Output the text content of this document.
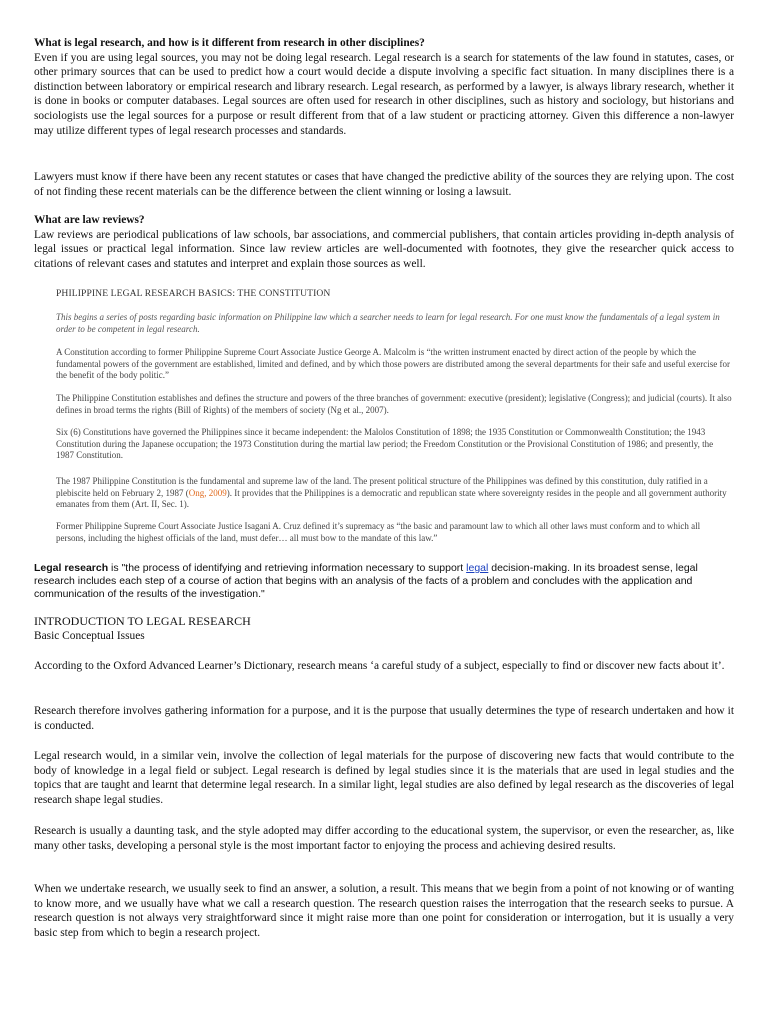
What is legal research, and how is it different from research in other disciplines?

Even if you are using legal sources, you may not be doing legal research. Legal research is a search for statements of the law found in statutes, cases, or other primary sources that can be used to predict how a court would decide a dispute involving a specific fact situation. In many disciplines there is a distinction between laboratory or empirical research and library research. Legal research, as performed by a lawyer, is always library research, whether it is done in books or computer databases. Legal sources are often used for research in other disciplines, such as history and sociology, but historians and sociologists use the legal sources for a purpose or result different from that of a law student or practicing attorney. Given this difference a non-lawyer may utilize different types of legal research processes and standards.

Lawyers must know if there have been any recent statutes or cases that have changed the predictive ability of the sources they are relying upon. The cost of not finding these recent materials can be the difference between the client winning or losing a lawsuit.

What are law reviews?

Law reviews are periodical publications of law schools, bar associations, and commercial publishers, that contain articles providing in-depth analysis of legal issues or practical legal information. Since law review articles are well-documented with footnotes, they give the researcher quick access to citations of relevant cases and statutes and interpret and explain those sources as well.

PHILIPPINE LEGAL RESEARCH BASICS: THE CONSTITUTION

This begins a series of posts regarding basic information on Philippine law which a searcher needs to learn for legal research. For one must know the fundamentals of a legal system in order to be competent in legal research.

A Constitution according to former Philippine Supreme Court Associate Justice George A. Malcolm is “the written instrument enacted by direct action of the people by which the fundamental powers of the government are established, limited and defined, and by which those powers are distributed among the several departments for their safe and useful exercise for the benefit of the body politic.”

The Philippine Constitution establishes and defines the structure and powers of the three branches of government: executive (president); legislative (Congress); and judicial (courts). It also defines in broad terms the rights (Bill of Rights) of the members of society (Ng et al., 2007).

Six (6) Constitutions have governed the Philippines since it became independent: the Malolos Constitution of 1898; the 1935 Constitution or Commonwealth Constitution; the 1943 Constitution during the Japanese occupation; the 1973 Constitution during the martial law period; the Freedom Constitution or the Provisional Constitution of 1986; and presently, the 1987 Constitution.

The 1987 Philippine Constitution is the fundamental and supreme law of the land. The present political structure of the Philippines was defined by this constitution, duly ratified in a plebiscite held on February 2, 1987 (Ong, 2009). It provides that the Philippines is a democratic and republican state where sovereignty resides in the people and all government authority emanates from them (Art. II, Sec. 1).

Former Philippine Supreme Court Associate Justice Isagani A. Cruz defined it’s supremacy as “the basic and paramount law to which all other laws must conform and to which all persons, including the highest officials of the land, must defer… all must bow to the mandate of this law.”

Legal research is "the process of identifying and retrieving information necessary to support legal decision-making. In its broadest sense, legal research includes each step of a course of action that begins with an analysis of the facts of a problem and concludes with the application and communication of the results of the investigation."

INTRODUCTION TO LEGAL RESEARCH

Basic Conceptual Issues

According to the Oxford Advanced Learner’s Dictionary, research means ‘a careful study of a subject, especially to find or discover new facts about it’.

Research therefore involves gathering information for a purpose, and it is the purpose that usually determines the type of research undertaken and how it is conducted.

Legal research would, in a similar vein, involve the collection of legal materials for the purpose of discovering new facts that would contribute to the body of knowledge in a legal field or subject. Legal research is defined by legal studies since it is the materials that are used in legal studies and the topics that are taught and learnt that determine legal research. In a similar light, legal studies are also defined by legal research as the discoveries of legal research shape legal studies.

Research is usually a daunting task, and the style adopted may differ according to the educational system, the supervisor, or even the researcher, as, like many other tasks, developing a personal style is the most important factor to enjoying the process and achieving desired results.

When we undertake research, we usually seek to find an answer, a solution, a result. This means that we begin from a point of not knowing or of wanting to know more, and we usually have what we call a research question. The research question raises the interrogation that the research seeks to pursue. A research question is not always very straightforward since it might raise more than one point for consideration or interrogation, but it is usually a very basic step from which to begin a research project.
